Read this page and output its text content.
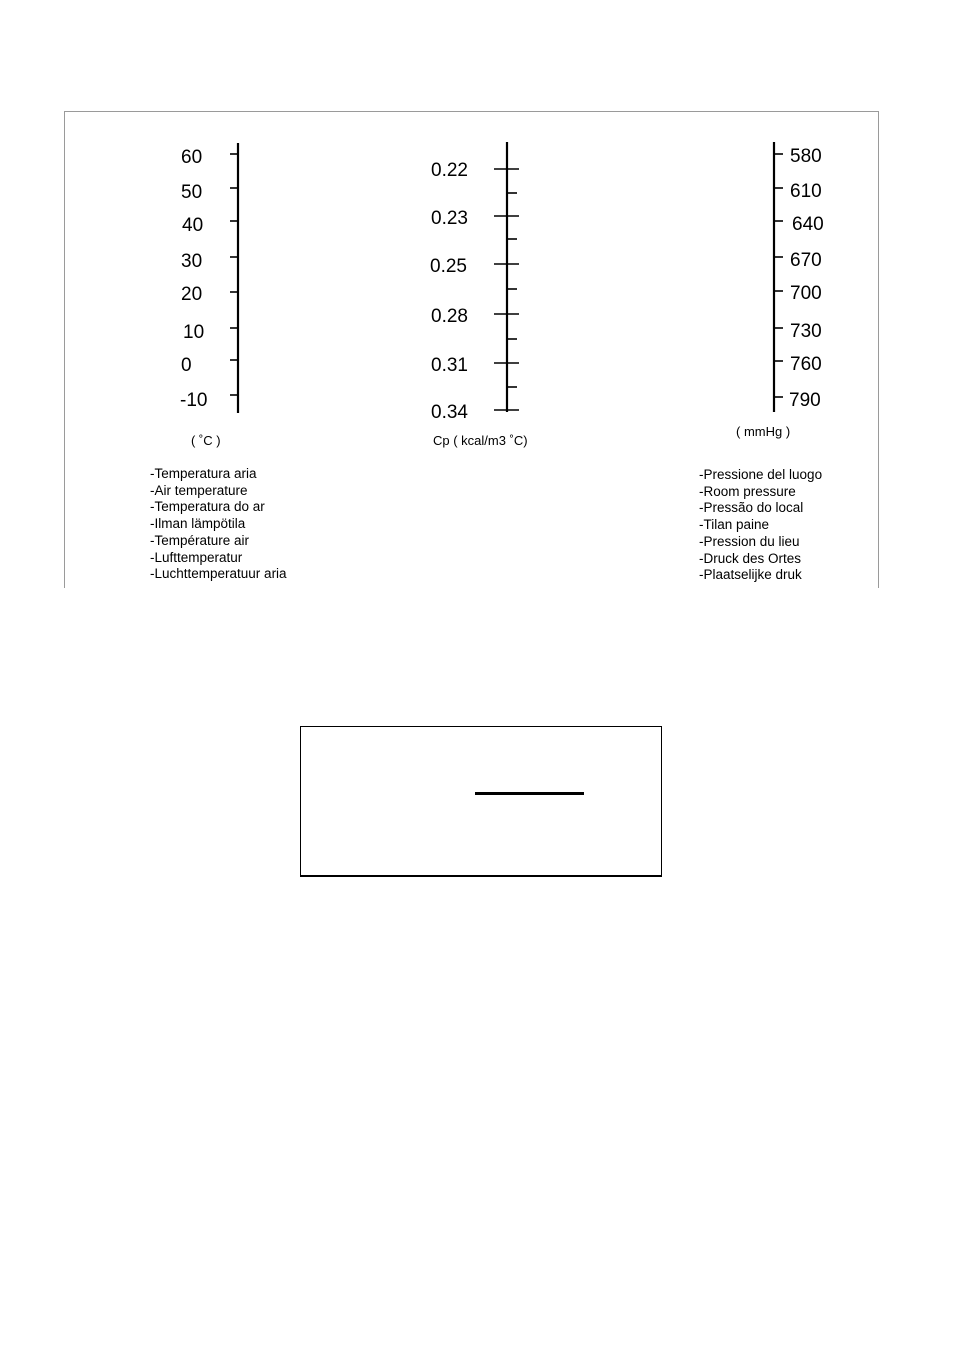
60
50
40
30
20
10
0
-10
( ˚C )
0.22
0.23
0.25
0.28
0.31
0.34
Cp ( kcal/m3 ˚C)
580
610
640
670
700
730
760
790
( mmHg )
-Temperatura aria
-Air temperature
-Temperatura do ar
-Ilman lämpötila
-Température air
-Lufttemperatur
-Luchttemperatuur aria
-Pressione del luogo
-Room pressure
-Pressão do local
-Tilan paine
-Pression du lieu
-Druck des Ortes
-Plaatselijke druk
